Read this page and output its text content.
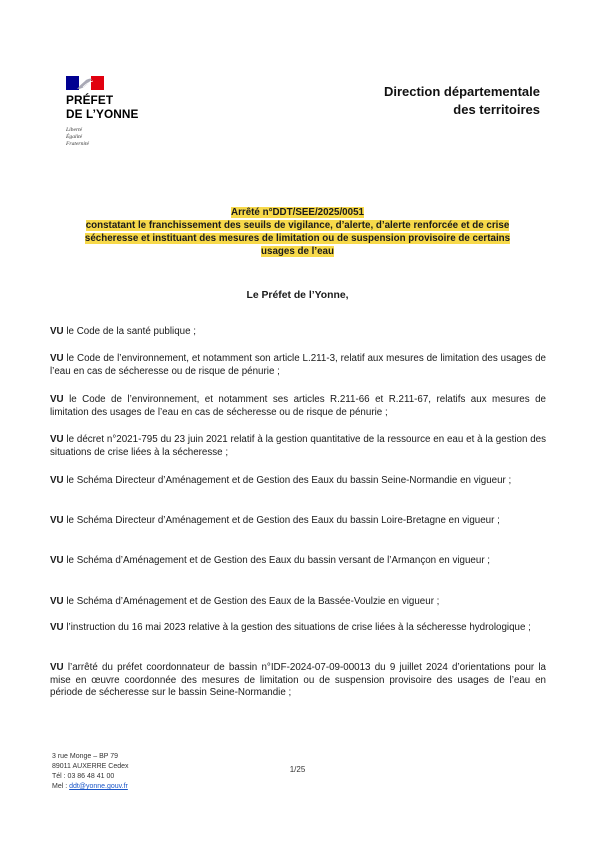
PRÉFET
DE L’YONNE
Liberté
Égalité
Fraternité
Direction départementale
des territoires
Arrêté n°DDT/SEE/2025/0051
constatant le franchissement des seuils de vigilance, d’alerte, d’alerte renforcée et de crise
sécheresse et instituant des mesures de limitation ou de suspension provisoire de certains
usages de l’eau
Le Préfet de l’Yonne,
VU le Code de la santé publique ;
VU le Code de l’environnement, et notamment son article L.211-3, relatif aux mesures de limitation des usages de l’eau en cas de sécheresse ou de risque de pénurie ;
VU le Code de l’environnement, et notamment ses articles R.211-66 et R.211-67, relatifs aux mesures de limitation des usages de l’eau en cas de sécheresse ou de risque de pénurie ;
VU le décret n°2021-795 du 23 juin 2021 relatif à la gestion quantitative de la ressource en eau et à la gestion des situations de crise liées à la sécheresse ;
VU le Schéma Directeur d’Aménagement et de Gestion des Eaux du bassin Seine-Normandie en vigueur ;
VU le Schéma Directeur d’Aménagement et de Gestion des Eaux du bassin Loire-Bretagne en vigueur ;
VU le Schéma d’Aménagement et de Gestion des Eaux du bassin versant de l’Armançon en vigueur ;
VU le Schéma d’Aménagement et de Gestion des Eaux de la Bassée-Voulzie en vigueur ;
VU l’instruction du 16 mai 2023 relative à la gestion des situations de crise liées à la sécheresse hydrologique ;
VU l’arrêté du préfet coordonnateur de bassin n°IDF-2024-07-09-00013 du 9 juillet 2024 d’orientations pour la mise en œuvre coordonnée des mesures de limitation ou de suspension provisoire des usages de l’eau en période de sécheresse sur le bassin Seine-Normandie ;
3 rue Monge – BP 79
89011 AUXERRE Cedex
Tél : 03 86 48 41 00
Mel : ddt@yonne.gouv.fr
1/25
